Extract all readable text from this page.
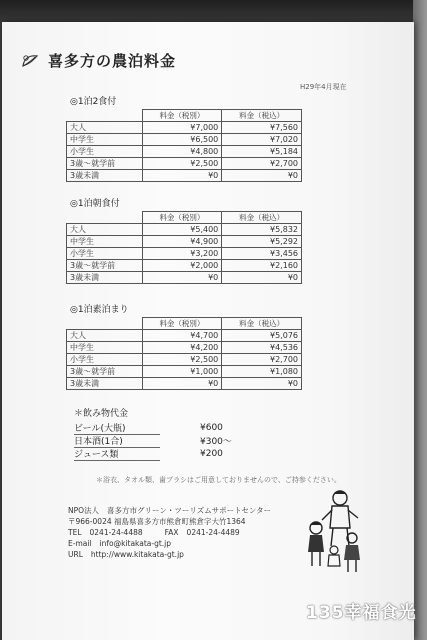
喜多方の農泊料金
H29年4月現在
◎1泊2食付
	料金（税別）	料金（税込）
大人	¥7,000	¥7,560
中学生	¥6,500	¥7,020
小学生	¥4,800	¥5,184
3歳～就学前	¥2,500	¥2,700
3歳未満	¥0	¥0
◎1泊朝食付
	料金（税別）	料金（税込）
大人	¥5,400	¥5,832
中学生	¥4,900	¥5,292
小学生	¥3,200	¥3,456
3歳～就学前	¥2,000	¥2,160
3歳未満	¥0	¥0
◎1泊素泊まり
	料金（税別）	料金（税込）
大人	¥4,700	¥5,076
中学生	¥4,200	¥4,536
小学生	¥2,500	¥2,700
3歳～就学前	¥1,000	¥1,080
3歳未満	¥0	¥0
＊飲み物代金
ビール(大瓶)	¥600
日本酒(1合)	¥300～
ジュース類	¥200
＊浴衣、タオル類、歯ブラシはご用意しておりませんので、ご持参ください。
NPO法人 喜多方市グリーン・ツーリズムサポートセンター
〒966-0024 福島県喜多方市熊倉町熊倉字大竹1364
TEL 0241-24-4488	FAX 0241-24-4489
E-mail info@kitakata-gt.jp
URL http://www.kitakata-gt.jp
135幸福食光
